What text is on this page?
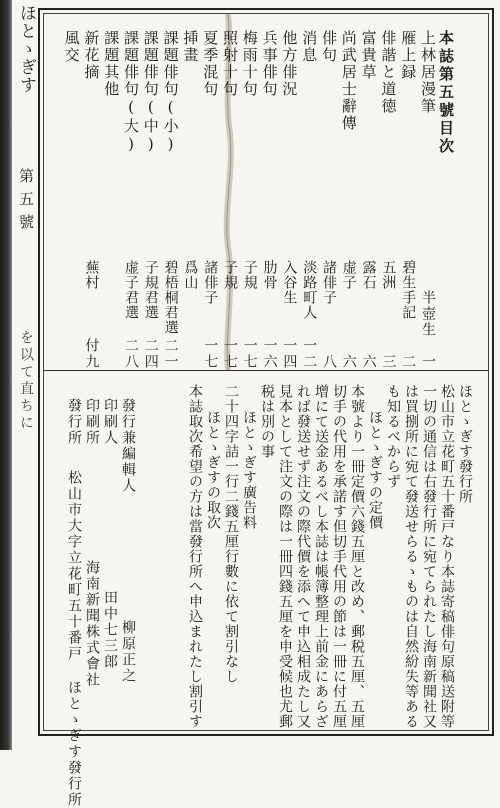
ほとゝぎす
第五號
を以て直ちに
本誌第五號目次
上林居漫筆
半壺生　一
雁上録
碧生手記
二
俳諧と道徳
五洲
三
富貴草
露石
六
尚武居士辭傳
虚子
六
俳句
諸俳子
八
消息
淡路町人
一二
他方俳況
入谷生
一四
兵事俳句
肋骨
一六
梅雨十句
子規
一七
照射十句
子規
一七
夏季混句
諸俳子
一七
挿畫
爲山
課題俳句(小)
碧梧桐君選
二一
課題俳句(中)
子規君選
二四
課題俳句(大)
虚子君選
二八
課題其他
新花摘
蕪村
付九
風交
ほとゝぎす發行所
松山市立花町五十番戸なり本誌寄稿俳句原稿送附等
一切の通信は右發行所に宛てられたし海南新聞社又
は買捌所に宛て發送せらるゝものは自然紛失等ある
も知るべからず
ほとゝぎすの定價
本號より一冊定價六錢五厘と改め、郵税五厘、五厘
切手の代用を承諾す但切手代用の節は一冊に付五厘
增にて送金あるべし本誌は帳簿整理上前金にあらざ
れば發送せず注文の際代價を添へて申込相成たし又
見本として注文の際は一冊四錢五厘を申受候也尤郵
税は別の事
ほとゝぎす廣告料
二十四字詰一行二錢五厘行數に依て割引なし
ほとゝぎすの取次
本誌取次希望の方は當發行所へ申込まれたし割引す
發行兼編輯人
柳原正之
印刷人
田中七三郎
印刷所
海南新聞株式會社
發行所
松山市大字立花町五十番戸 ほとゝぎす發行所
